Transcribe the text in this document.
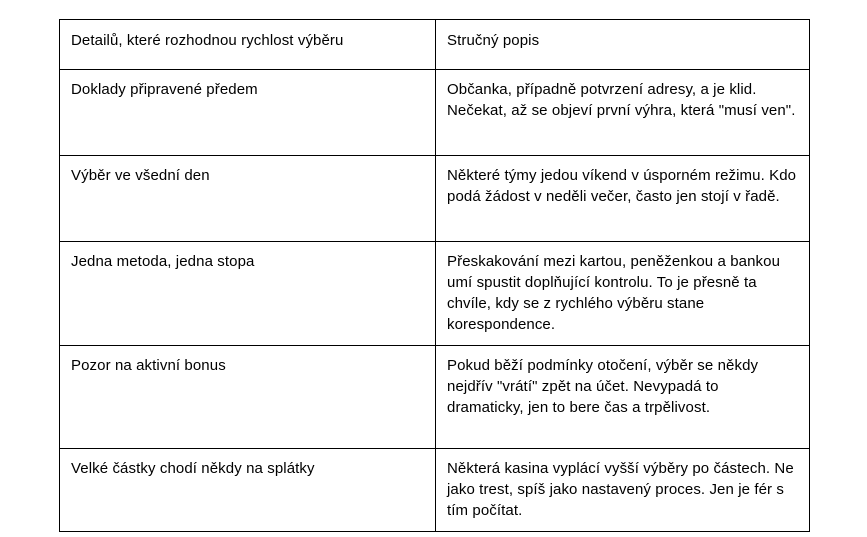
Detailů, které rozhodnou rychlost výběru	Stručný popis

Doklady připravené předem	Občanka, případně potvrzení adresy, a je klid. Nečekat, až se objeví první výhra, která "musí ven".

Výběr ve všední den	Některé týmy jedou víkend v úsporném režimu. Kdo podá žádost v neděli večer, často jen stojí v řadě.

Jedna metoda, jedna stopa	Přeskakování mezi kartou, peněženkou a bankou umí spustit doplňující kontrolu. To je přesně ta chvíle, kdy se z rychlého výběru stane korespondence.

Pozor na aktivní bonus	Pokud běží podmínky otočení, výběr se někdy nejdřív "vrátí" zpět na účet. Nevypadá to dramaticky, jen to bere čas a trpělivost.

Velké částky chodí někdy na splátky	Některá kasina vyplácí vyšší výběry po částech. Ne jako trest, spíš jako nastavený proces. Jen je fér s tím počítat.
